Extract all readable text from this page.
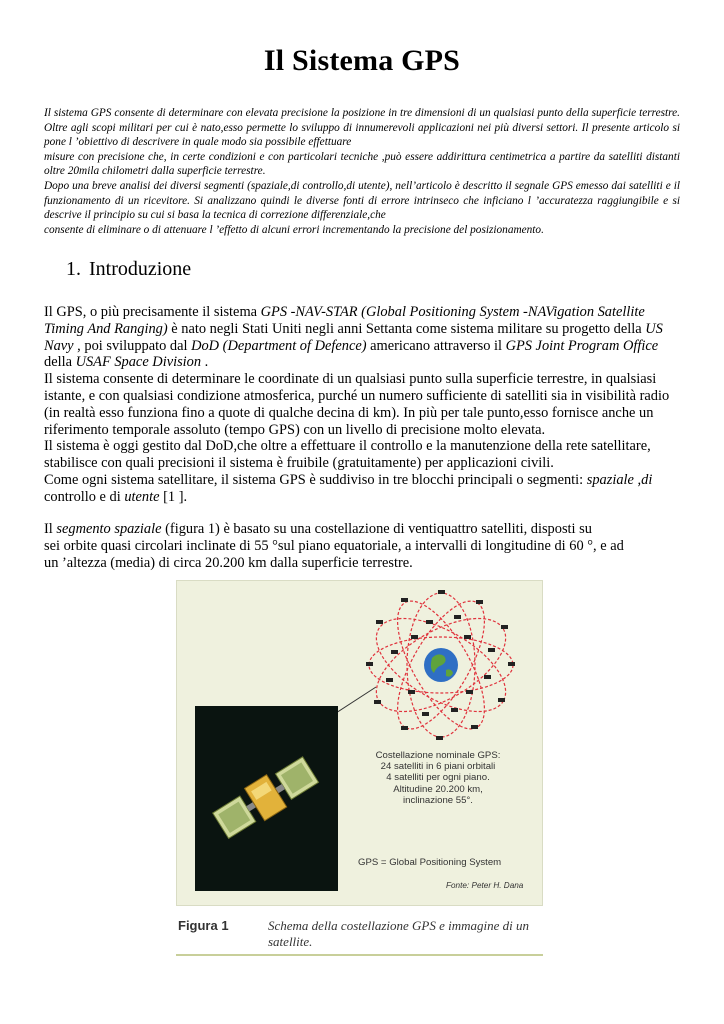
Il Sistema GPS

Il sistema GPS consente di determinare con elevata precisione la posizione in tre dimensioni di un qualsiasi punto della superficie terrestre. Oltre agli scopi militari per cui è nato,esso permette lo sviluppo di innumerevoli applicazioni nei più diversi settori. Il presente articolo si pone l ’obiettivo di descrivere in quale modo sia possibile effettuare

misure con precisione che, in certe condizioni e con particolari tecniche ,può essere addirittura centimetrica a partire da satelliti distanti oltre 20mila chilometri dalla superficie terrestre.

Dopo una breve analisi dei diversi segmenti (spaziale,di controllo,di utente), nell’articolo è descritto il segnale GPS emesso dai satelliti e il funzionamento di un ricevitore. Si analizzano quindi le diverse fonti di errore intrinseco che inficiano l ’accuratezza raggiungibile e si descrive il principio su cui si basa la tecnica di correzione differenziale,che

consente di eliminare o di attenuare l ’effetto di alcuni errori incrementando la precisione del posizionamento.

1. Introduzione

Il GPS, o più precisamente il sistema GPS -NAV-STAR (Global Positioning System -NAVigation Satellite Timing And Ranging) è nato negli Stati Uniti negli anni Settanta come sistema militare su progetto della US Navy , poi sviluppato dal DoD (Department of Defence) americano attraverso il GPS Joint Program Office della USAF Space Division .

Il sistema consente di determinare le coordinate di un qualsiasi punto sulla superficie terrestre, in qualsiasi istante, e con qualsiasi condizione atmosferica, purché un numero sufficiente di satelliti sia in visibilità radio (in realtà esso funziona fino a quote di qualche decina di km). In più per tale punto,esso fornisce anche un riferimento temporale assoluto (tempo GPS) con un livello di precisione molto elevata.

Il sistema è oggi gestito dal DoD,che oltre a effettuare il controllo e la manutenzione della rete satellitare, stabilisce con quali precisioni il sistema è fruibile (gratuitamente) per applicazioni civili.

Come ogni sistema satellitare, il sistema GPS è suddiviso in tre blocchi principali o segmenti: spaziale ,di controllo e di utente [1 ].

Il segmento spaziale (figura 1) è basato su una costellazione di ventiquattro satelliti, disposti su

sei orbite quasi circolari inclinate di 55 °sul piano equatoriale, a intervalli di longitudine di 60 °, e ad

un ’altezza (media) di circa 20.200 km dalla superficie terrestre.

Costellazione nominale GPS:
24 satelliti in 6 piani orbitali
4 satelliti per ogni piano.
Altitudine 20.200 km,
inclinazione 55°.
GPS = Global Positioning System
Fonte: Peter H. Dana
Figura 1	Schema della costellazione GPS e immagine di un satellite.
